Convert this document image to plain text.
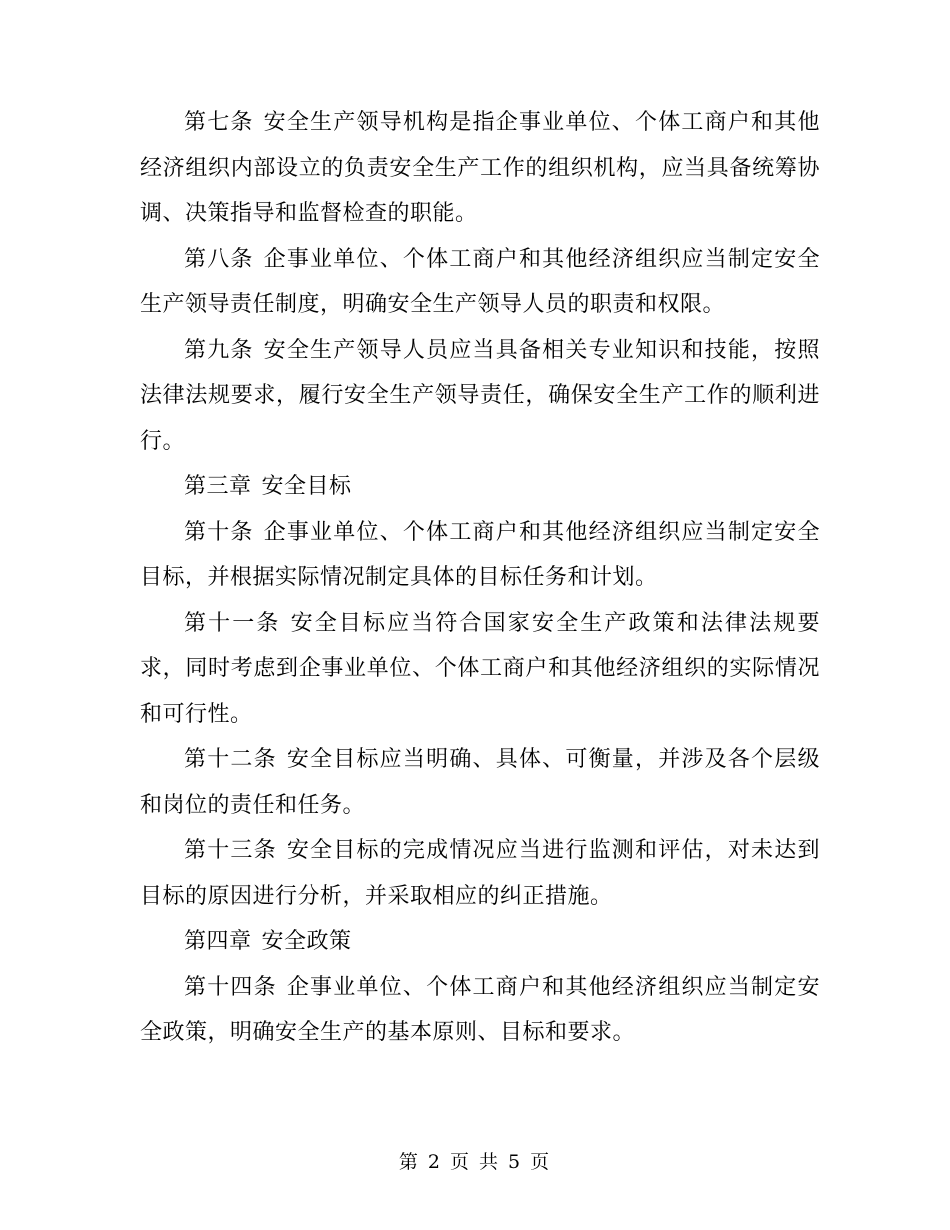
第七条 安全生产领导机构是指企事业单位、个体工商户和其他经济组织内部设立的负责安全生产工作的组织机构，应当具备统筹协调、决策指导和监督检查的职能。

第八条 企事业单位、个体工商户和其他经济组织应当制定安全生产领导责任制度，明确安全生产领导人员的职责和权限。

第九条 安全生产领导人员应当具备相关专业知识和技能，按照法律法规要求，履行安全生产领导责任，确保安全生产工作的顺利进行。

第三章 安全目标

第十条 企事业单位、个体工商户和其他经济组织应当制定安全目标，并根据实际情况制定具体的目标任务和计划。

第十一条 安全目标应当符合国家安全生产政策和法律法规要求，同时考虑到企事业单位、个体工商户和其他经济组织的实际情况和可行性。

第十二条 安全目标应当明确、具体、可衡量，并涉及各个层级和岗位的责任和任务。

第十三条 安全目标的完成情况应当进行监测和评估，对未达到目标的原因进行分析，并采取相应的纠正措施。

第四章 安全政策

第十四条 企事业单位、个体工商户和其他经济组织应当制定安全政策，明确安全生产的基本原则、目标和要求。

第 2 页 共 5 页
